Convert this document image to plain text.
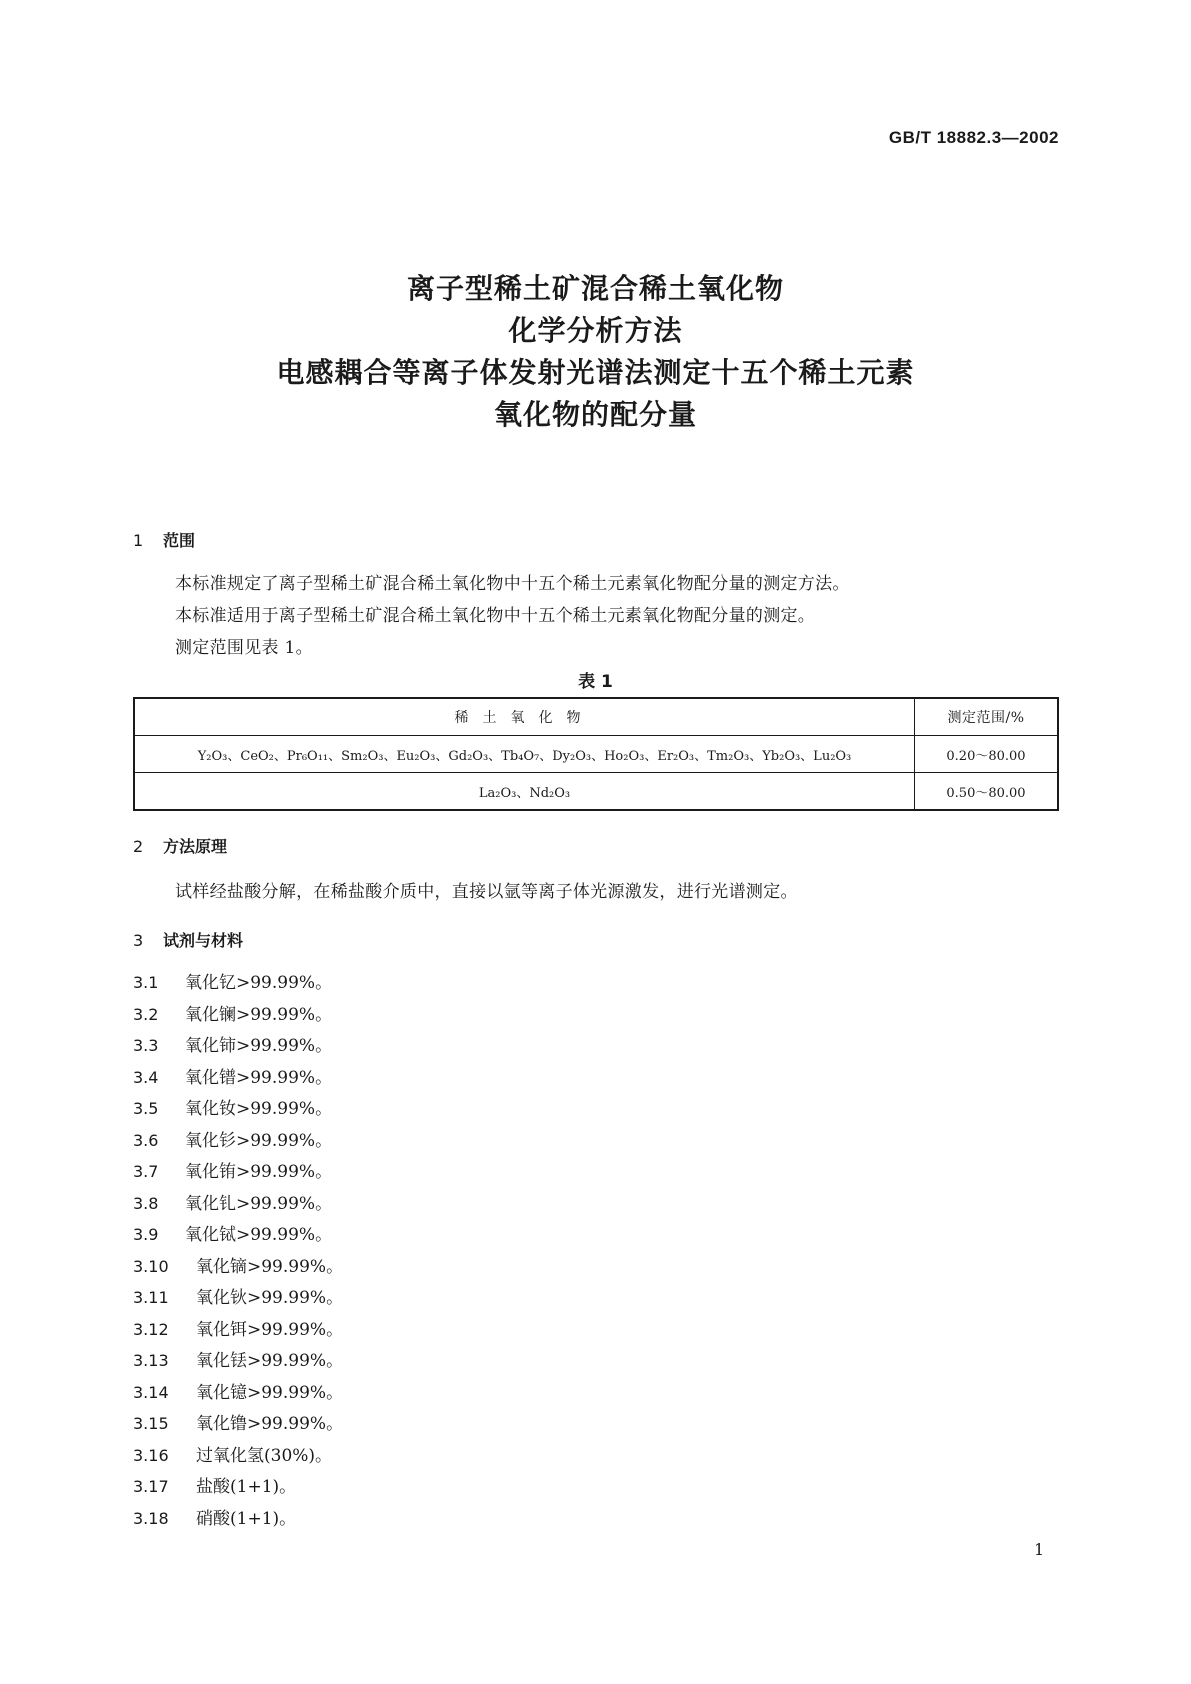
GB/T 18882.3—2002
离子型稀土矿混合稀土氧化物
化学分析方法
电感耦合等离子体发射光谱法测定十五个稀土元素
氧化物的配分量
1 范围
本标准规定了离子型稀土矿混合稀土氧化物中十五个稀土元素氧化物配分量的测定方法。
本标准适用于离子型稀土矿混合稀土氧化物中十五个稀土元素氧化物配分量的测定。
测定范围见表 1。
表 1
稀土氧化物	测定范围/%
Y₂O₃、CeO₂、Pr₆O₁₁、Sm₂O₃、Eu₂O₃、Gd₂O₃、Tb₄O₇、Dy₂O₃、Ho₂O₃、Er₂O₃、Tm₂O₃、Yb₂O₃、Lu₂O₃	0.20～80.00
La₂O₃、Nd₂O₃	0.50～80.00
2 方法原理
试样经盐酸分解，在稀盐酸介质中，直接以氩等离子体光源激发，进行光谱测定。
3 试剂与材料
3.1 氧化钇>99.99%。
3.2 氧化镧>99.99%。
3.3 氧化铈>99.99%。
3.4 氧化镨>99.99%。
3.5 氧化钕>99.99%。
3.6 氧化钐>99.99%。
3.7 氧化铕>99.99%。
3.8 氧化钆>99.99%。
3.9 氧化铽>99.99%。
3.10 氧化镝>99.99%。
3.11 氧化钬>99.99%。
3.12 氧化铒>99.99%。
3.13 氧化铥>99.99%。
3.14 氧化镱>99.99%。
3.15 氧化镥>99.99%。
3.16 过氧化氢(30%)。
3.17 盐酸(1+1)。
3.18 硝酸(1+1)。
1
